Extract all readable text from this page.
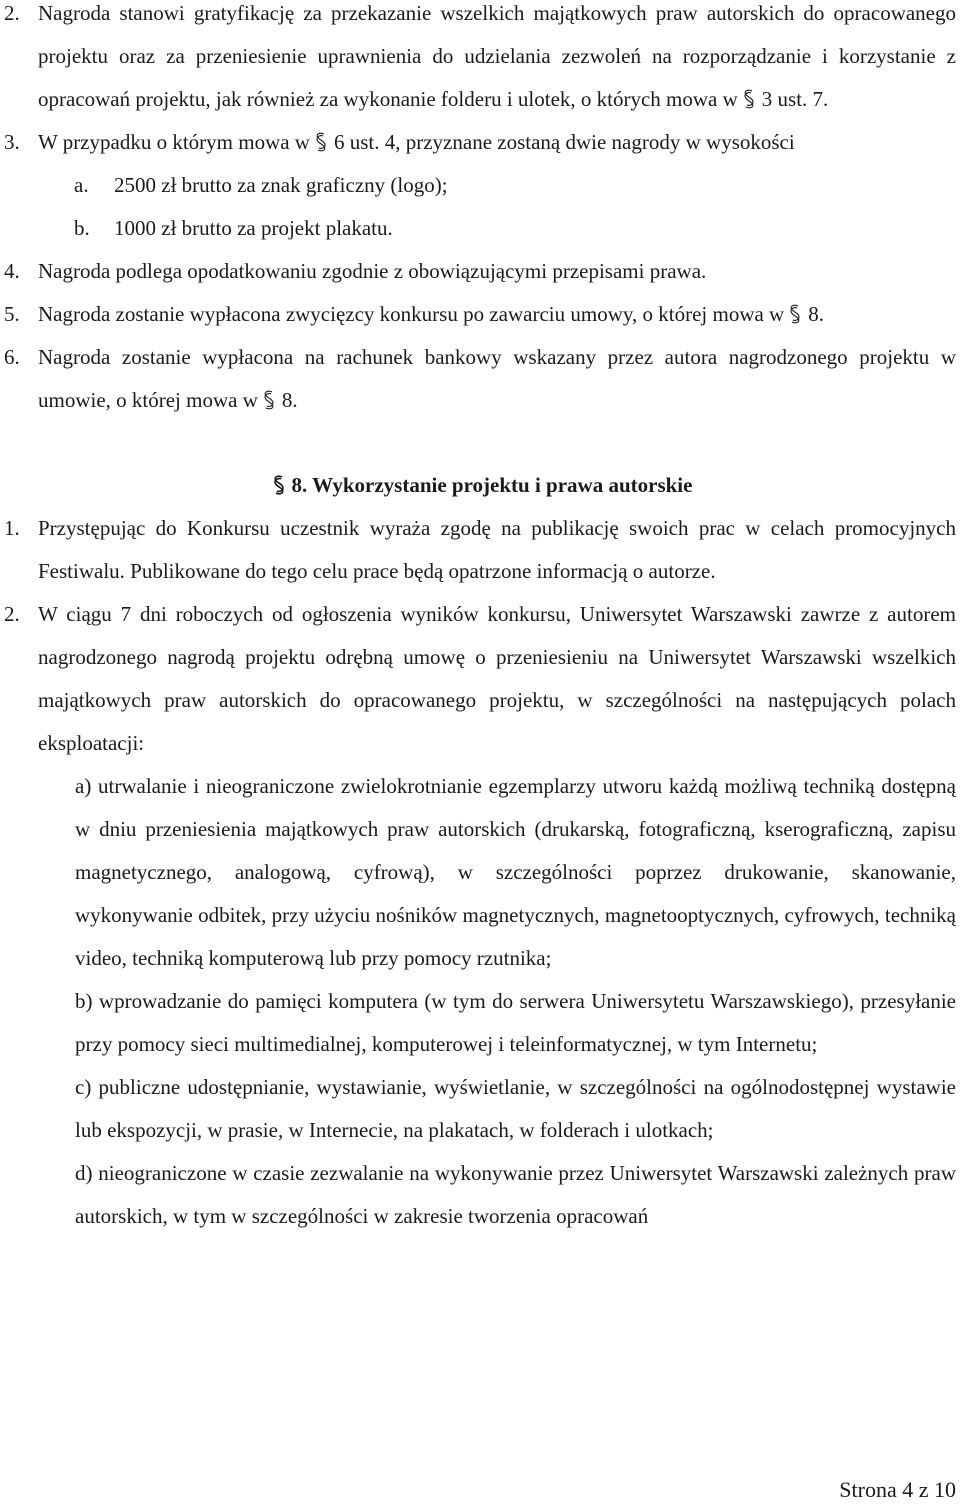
2. Nagroda stanowi gratyfikację za przekazanie wszelkich majątkowych praw autorskich do opracowanego projektu oraz za przeniesienie uprawnienia do udzielania zezwoleń na rozporządzanie i korzystanie z opracowań projektu, jak również za wykonanie folderu i ulotek, o których mowa w 3 ust. 7.
3. W przypadku o którym mowa w 6 ust. 4, przyznane zostaną dwie nagrody w wysokości
a. 2500 zł brutto za znak graficzny (logo);
b. 1000 zł brutto za projekt plakatu.
4. Nagroda podlega opodatkowaniu zgodnie z obowiązującymi przepisami prawa.
5. Nagroda zostanie wypłacona zwycięzcy konkursu po zawarciu umowy, o której mowa w 8.
6. Nagroda zostanie wypłacona na rachunek bankowy wskazany przez autora nagrodzonego projektu w umowie, o której mowa w 8.
8. Wykorzystanie projektu i prawa autorskie
1. Przystępując do Konkursu uczestnik wyraża zgodę na publikację swoich prac w celach promocyjnych Festiwalu. Publikowane do tego celu prace będą opatrzone informacją o autorze.
2. W ciągu 7 dni roboczych od ogłoszenia wyników konkursu, Uniwersytet Warszawski zawrze z autorem nagrodzonego nagrodą projektu odrębną umowę o przeniesieniu na Uniwersytet Warszawski wszelkich majątkowych praw autorskich do opracowanego projektu, w szczególności na następujących polach eksploatacji:
a) utrwalanie i nieograniczone zwielokrotnianie egzemplarzy utworu każdą możliwą techniką dostępną w dniu przeniesienia majątkowych praw autorskich (drukarską, fotograficzną, kserograficzną, zapisu magnetycznego, analogową, cyfrową), w szczególności poprzez drukowanie, skanowanie, wykonywanie odbitek, przy użyciu nośników magnetycznych, magnetooptycznych, cyfrowych, techniką video, techniką komputerową lub przy pomocy rzutnika;
b) wprowadzanie do pamięci komputera (w tym do serwera Uniwersytetu Warszawskiego), przesyłanie przy pomocy sieci multimedialnej, komputerowej i teleinformatycznej, w tym Internetu;
c) publiczne udostępnianie, wystawianie, wyświetlanie, w szczególności na ogólnodostępnej wystawie lub ekspozycji, w prasie, w Internecie, na plakatach, w folderach i ulotkach;
d) nieograniczone w czasie zezwalanie na wykonywanie przez Uniwersytet Warszawski zależnych praw autorskich, w tym w szczególności w zakresie tworzenia opracowań
Strona 4 z 10
